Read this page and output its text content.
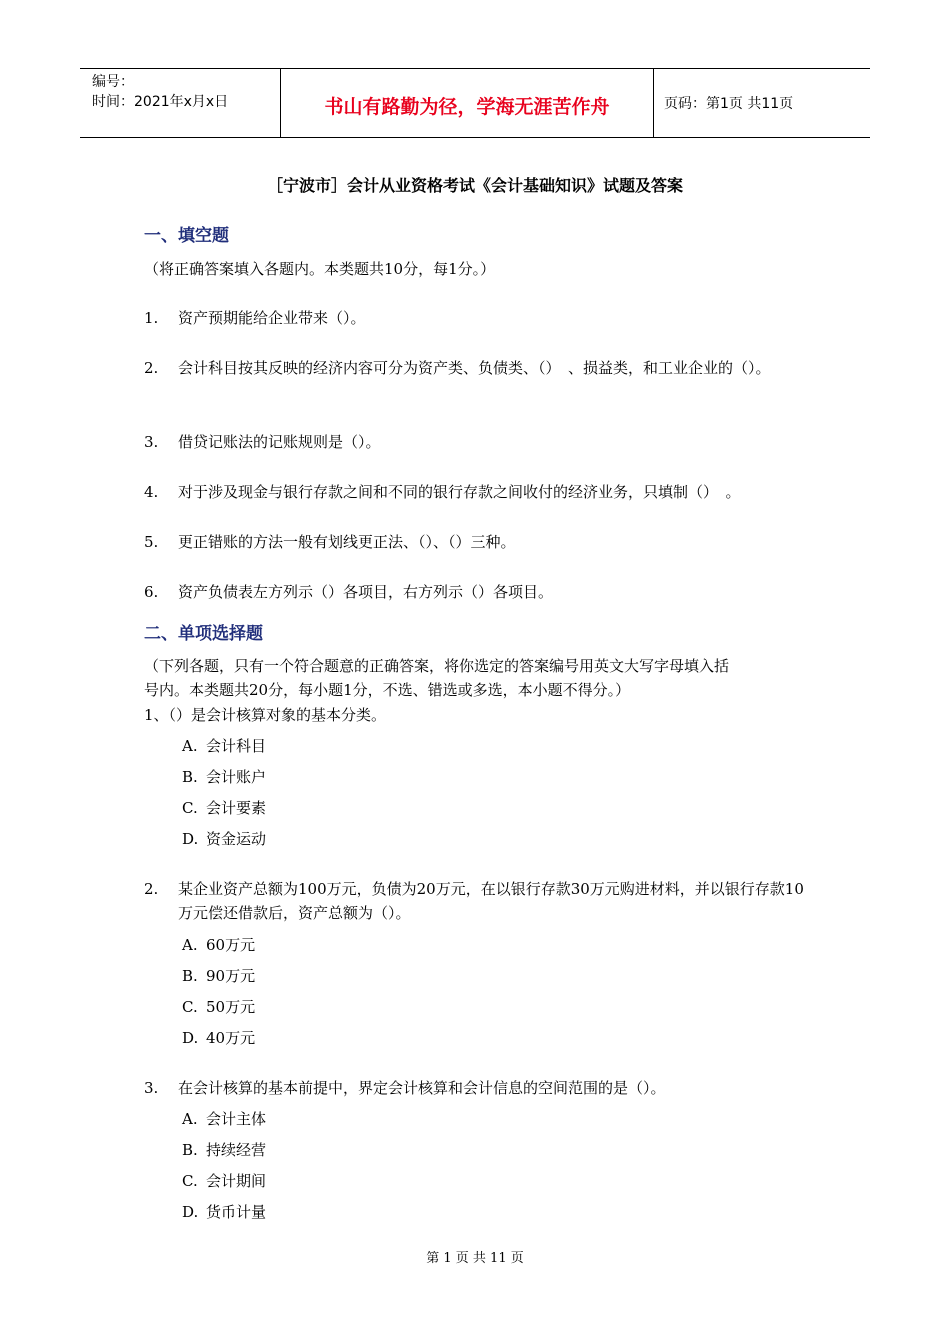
编号：
时间：2021年x月x日	书山有路勤为径，学海无涯苦作舟	页码：第1页 共11页
［宁波市］会计从业资格考试《会计基础知识》试题及答案
一、填空题
（将正确答案填入各题内。本类题共10分，每1分。）
1. 资产预期能给企业带来（）。
2. 会计科目按其反映的经济内容可分为资产类、负债类、（）　、损益类，和工业企业的（）。
3. 借贷记账法的记账规则是（）。
4. 对于涉及现金与银行存款之间和不同的银行存款之间收付的经济业务，只填制（）　。
5. 更正错账的方法一般有划线更正法、（）、（）三种。
6. 资产负债表左方列示（）各项目，右方列示（）各项目。
二、单项选择题
（下列各题，只有一个符合题意的正确答案，将你选定的答案编号用英文大写字母填入括
号内。本类题共20分，每小题1分，不选、错选或多选，本小题不得分。）
1、（）是会计核算对象的基本分类。
A. 会计科目
B. 会计账户
C. 会计要素
D. 资金运动
2. 某企业资产总额为100万元，负债为20万元，在以银行存款30万元购进材料，并以银行存款10万元偿还借款后，资产总额为（）。
A. 60万元
B. 90万元
C. 50万元
D. 40万元
3. 在会计核算的基本前提中，界定会计核算和会计信息的空间范围的是（）。
A. 会计主体
B. 持续经营
C. 会计期间
D. 货币计量
第 1 页 共 11 页
